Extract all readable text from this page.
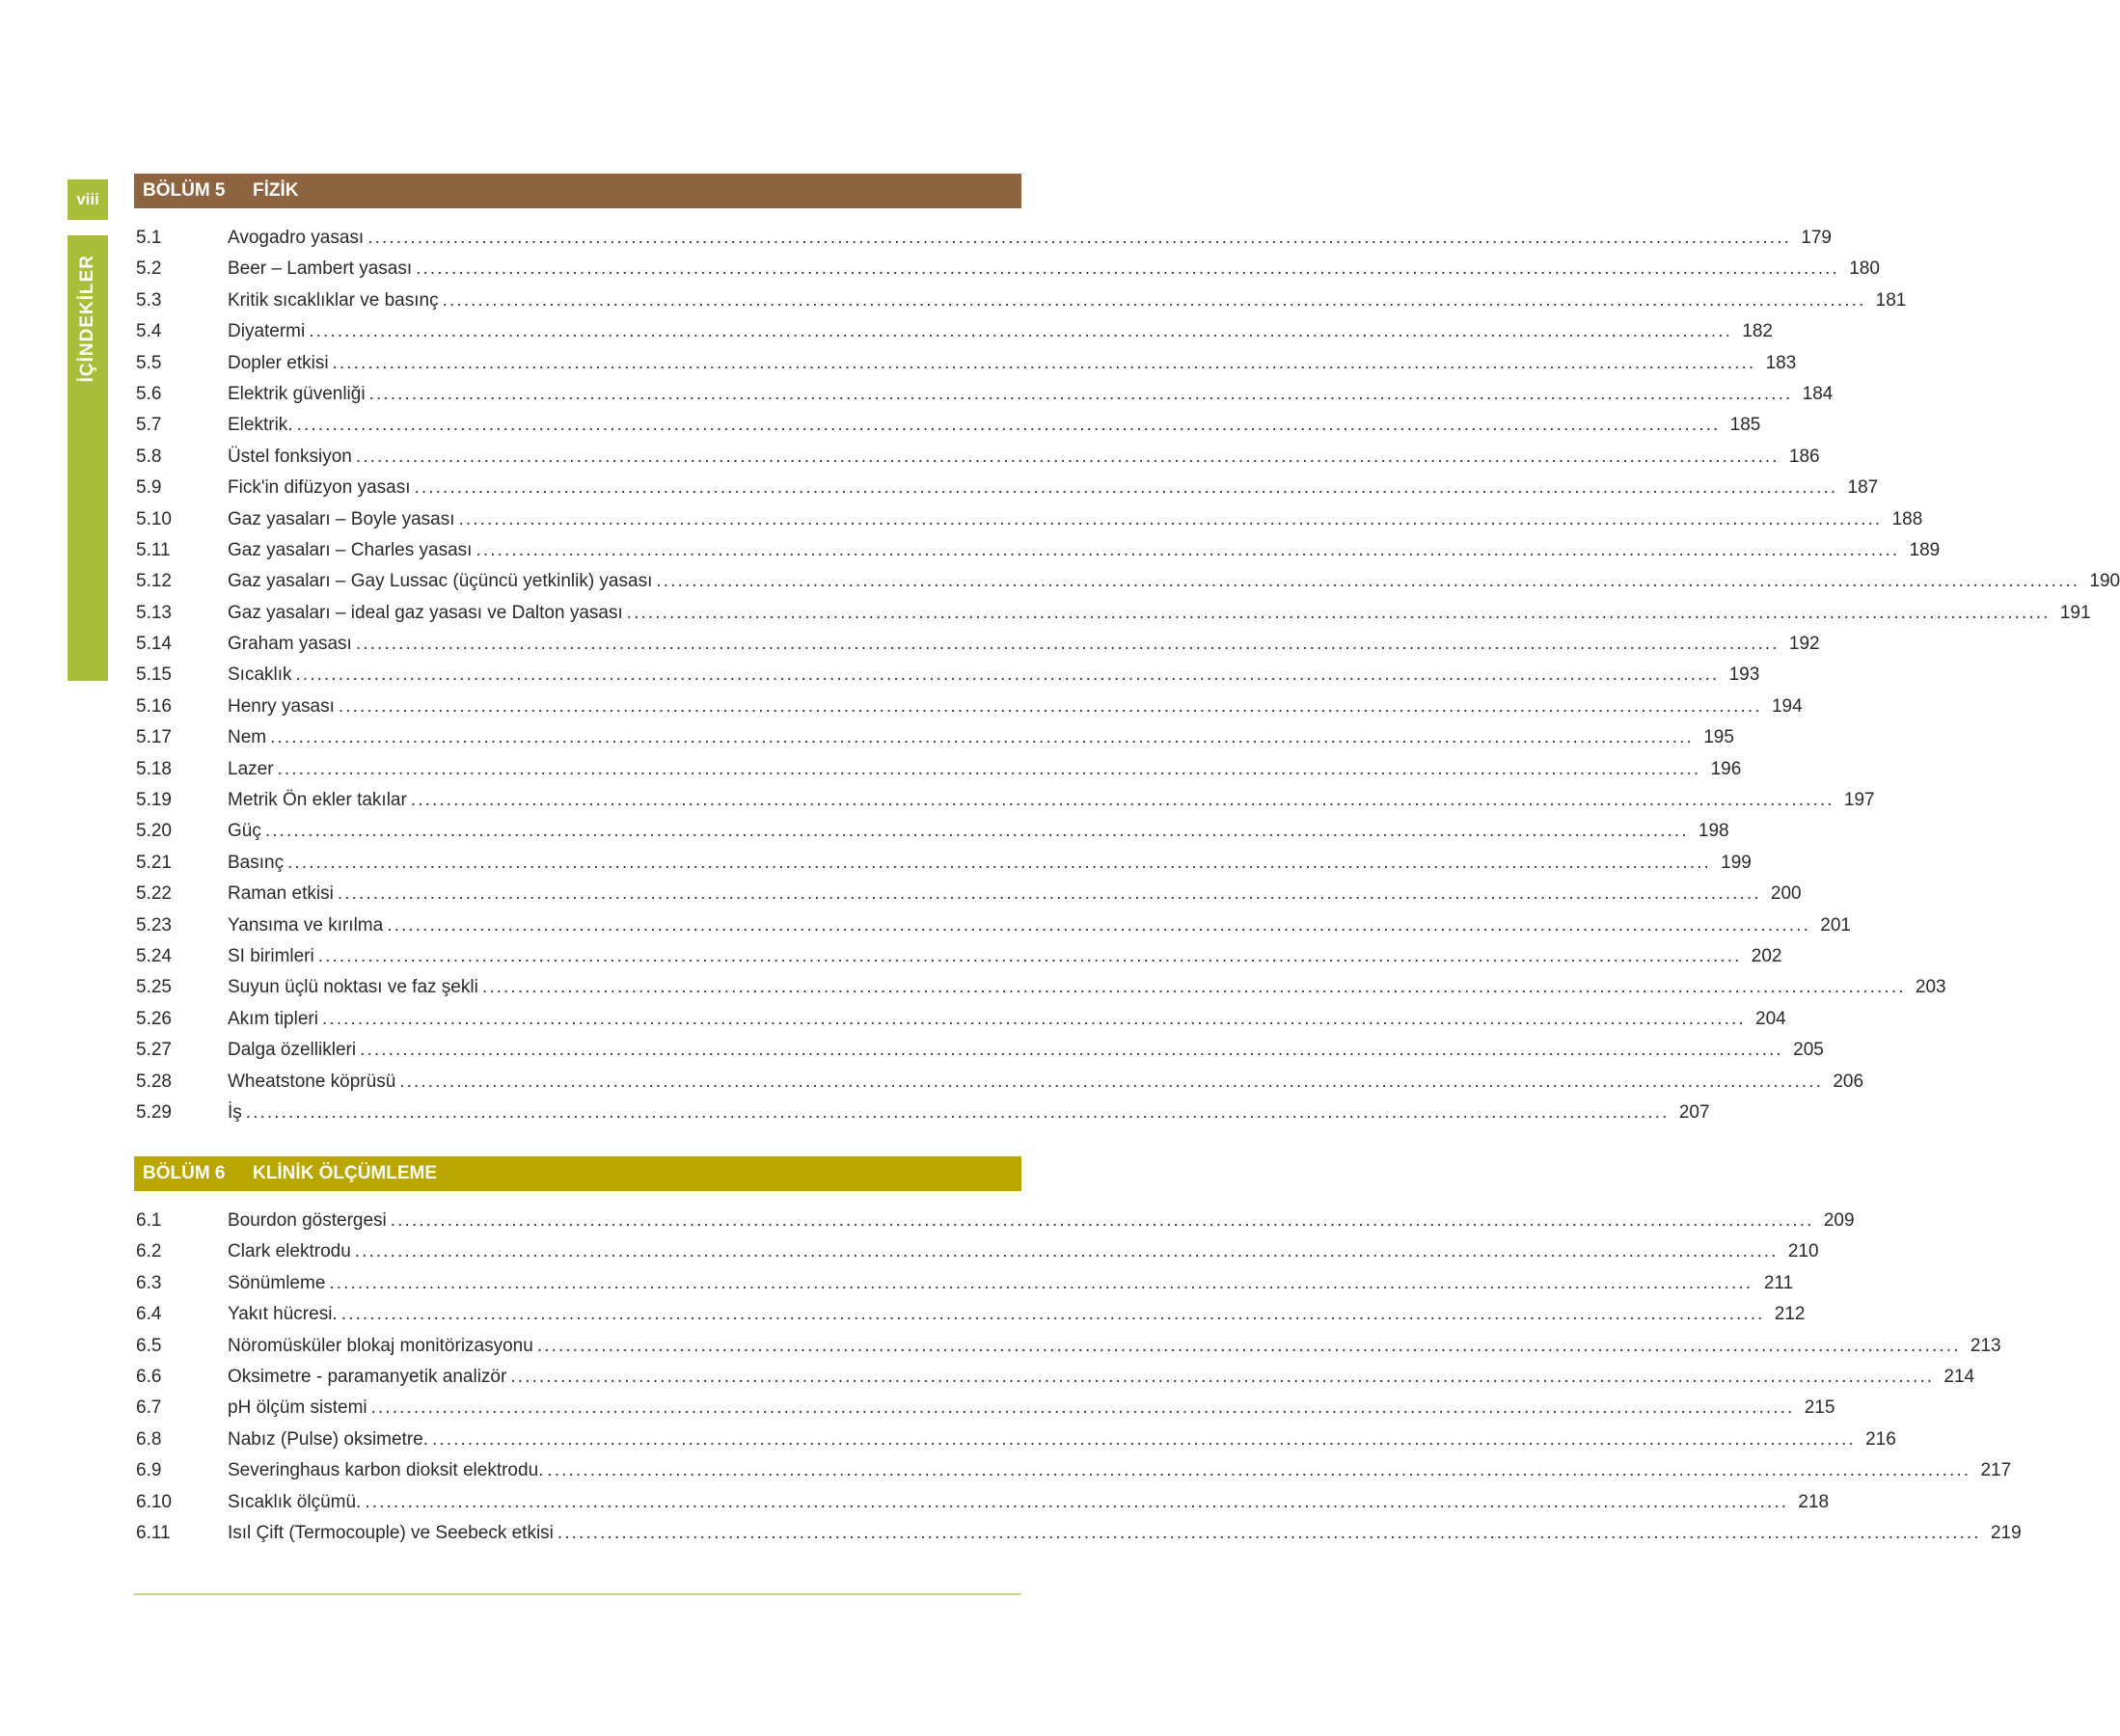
viii
İÇİNDEKİLER
BÖLÜM 5	FİZİK
5.1	Avogadro yasası ........................................................................................................................................................................................................ 179
5.2	Beer – Lambert yasası ........................................................................................................................................................................................................ 180
5.3	Kritik sıcaklıklar ve basınç ........................................................................................................................................................................................................ 181
5.4	Diyatermi ........................................................................................................................................................................................................ 182
5.5	Dopler etkisi ........................................................................................................................................................................................................ 183
5.6	Elektrik güvenliği ........................................................................................................................................................................................................ 184
5.7	Elektrik. ........................................................................................................................................................................................................ 185
5.8	Üstel fonksiyon ........................................................................................................................................................................................................ 186
5.9	Fick'in difüzyon yasası ........................................................................................................................................................................................................ 187
5.10	Gaz yasaları – Boyle yasası ........................................................................................................................................................................................................ 188
5.11	Gaz yasaları – Charles yasası ........................................................................................................................................................................................................ 189
5.12	Gaz yasaları – Gay Lussac (üçüncü yetkinlik) yasası ........................................................................................................................................................................................................ 190
5.13	Gaz yasaları – ideal gaz yasası ve Dalton yasası ........................................................................................................................................................................................................ 191
5.14	Graham yasası ........................................................................................................................................................................................................ 192
5.15	Sıcaklık ........................................................................................................................................................................................................ 193
5.16	Henry yasası ........................................................................................................................................................................................................ 194
5.17	Nem ........................................................................................................................................................................................................ 195
5.18	Lazer ........................................................................................................................................................................................................ 196
5.19	Metrik Ön ekler takılar ........................................................................................................................................................................................................ 197
5.20	Güç ........................................................................................................................................................................................................ 198
5.21	Basınç ........................................................................................................................................................................................................ 199
5.22	Raman etkisi ........................................................................................................................................................................................................ 200
5.23	Yansıma ve kırılma ........................................................................................................................................................................................................ 201
5.24	SI birimleri ........................................................................................................................................................................................................ 202
5.25	Suyun üçlü noktası ve faz şekli ........................................................................................................................................................................................................ 203
5.26	Akım tipleri ........................................................................................................................................................................................................ 204
5.27	Dalga özellikleri ........................................................................................................................................................................................................ 205
5.28	Wheatstone köprüsü ........................................................................................................................................................................................................ 206
5.29	İş ........................................................................................................................................................................................................ 207
BÖLÜM 6	KLİNİK ÖLÇÜMLEME
6.1	Bourdon göstergesi ........................................................................................................................................................................................................ 209
6.2	Clark elektrodu ........................................................................................................................................................................................................ 210
6.3	Sönümleme ........................................................................................................................................................................................................ 211
6.4	Yakıt hücresi. ........................................................................................................................................................................................................ 212
6.5	Nöromüsküler blokaj monitörizasyonu ........................................................................................................................................................................................................ 213
6.6	Oksimetre - paramanyetik analizör ........................................................................................................................................................................................................ 214
6.7	pH ölçüm sistemi ........................................................................................................................................................................................................ 215
6.8	Nabız (Pulse) oksimetre. ........................................................................................................................................................................................................ 216
6.9	Severinghaus karbon dioksit elektrodu. ........................................................................................................................................................................................................ 217
6.10	Sıcaklık ölçümü. ........................................................................................................................................................................................................ 218
6.11	Isıl Çift (Termocouple) ve Seebeck etkisi ........................................................................................................................................................................................................ 219
